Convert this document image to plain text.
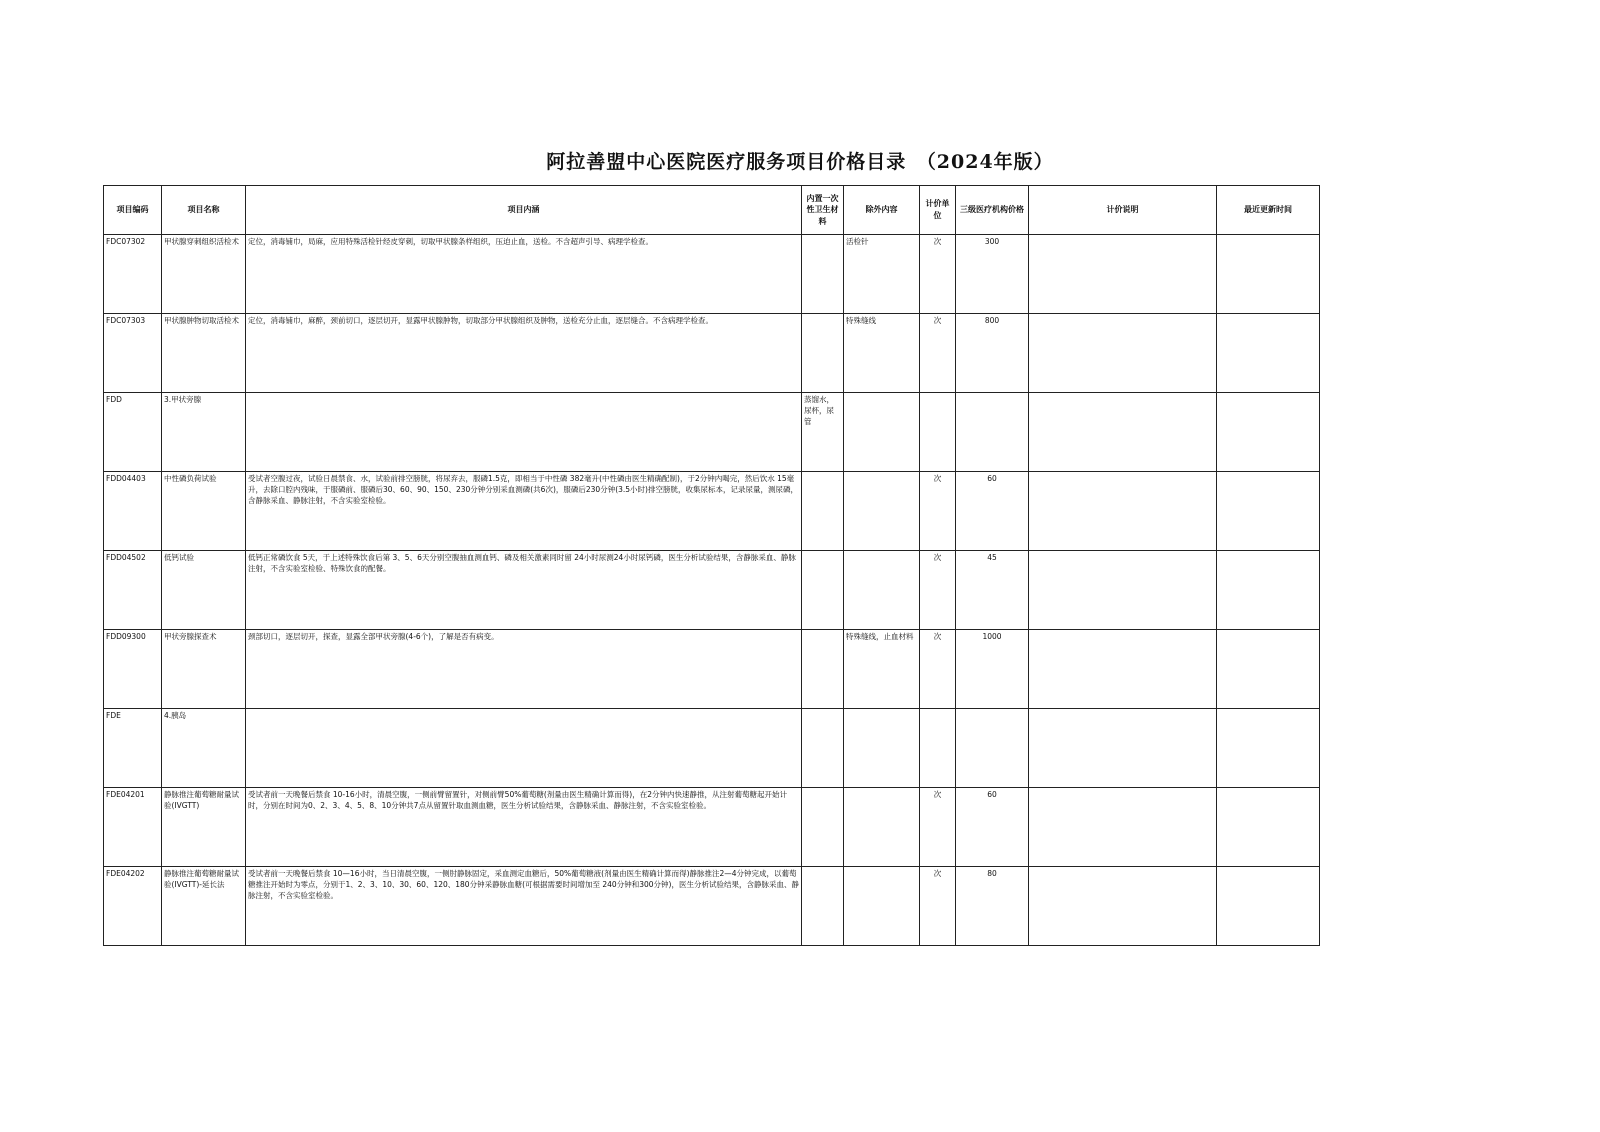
阿拉善盟中心医院医疗服务项目价格目录　（2024年版）
项目编码	项目名称	项目内涵	内置一次性卫生材料	除外内容	计价单位	三级医疗机构价格	计价说明	最近更新时间
FDC07302	甲状腺穿刺组织活检术	定位，消毒铺巾，局麻，应用特殊活检针经皮穿刺，切取甲状腺条样组织，压迫止血，送检。不含超声引导、病理学检查。		活检针	次	300		
FDC07303	甲状腺肿物切取活检术	定位，消毒铺巾，麻醉，颈前切口，逐层切开，显露甲状腺肿物，切取部分甲状腺组织及肿物，送检充分止血，逐层缝合。不含病理学检查。		特殊缝线	次	800		
FDD	3.甲状旁腺		蒸馏水，尿杯，尿管					
FDD04403	中性磷负荷试验	受试者空腹过夜，试验日晨禁食、水，试验前排空膀胱，将尿弃去，服磷1.5克，即相当于中性磷 382毫升(中性磷由医生精确配制)，于2分钟内喝完，然后饮水 15毫升，去除口腔内残味，于服磷前、服磷后30、60、90、150、230分钟分别采血测磷(共6次)，服磷后230分钟(3.5小时)排空膀胱，收集尿标本，记录尿量，测尿磷，含静脉采血、静脉注射，不含实验室检验。			次	60		
FDD04502	低钙试验	低钙正常磷饮食 5天，于上述特殊饮食后第 3、5、6天分别空腹抽血测血钙、磷及相关激素同时留 24小时尿测24小时尿钙磷，医生分析试验结果，含静脉采血、静脉注射，不含实验室检验、特殊饮食的配餐。			次	45		
FDD09300	甲状旁腺探查术	颈部切口，逐层切开，探查，显露全部甲状旁腺(4-6个)，了解是否有病变。		特殊缝线，止血材料	次	1000		
FDE	4.胰岛							
FDE04201	静脉推注葡萄糖耐量试验(IVGTT)	受试者前一天晚餐后禁食 10-16小时，清晨空腹，一侧前臂留置针，对侧前臂50%葡萄糖(剂量由医生精确计算而得)，在2分钟内快速静推，从注射葡萄糖起开始计时，分别在时间为0、2、3、4、5、8、10分钟共7点从留置针取血测血糖，医生分析试验结果，含静脉采血、静脉注射，不含实验室检验。			次	60		
FDE04202	静脉推注葡萄糖耐量试验(IVGTT)-延长法	受试者前一天晚餐后禁食 10—16小时，当日清晨空腹，一侧肘静脉固定，采血测定血糖后，50%葡萄糖液(剂量由医生精确计算而得)静脉推注2—4分钟完成，以葡萄糖推注开始时为零点，分别于1、2、3、10、30、60、120、180分钟采静脉血糖(可根据需要时间增加至 240分钟和300分钟)，医生分析试验结果，含静脉采血、静脉注射，不含实验室检验。			次	80		
